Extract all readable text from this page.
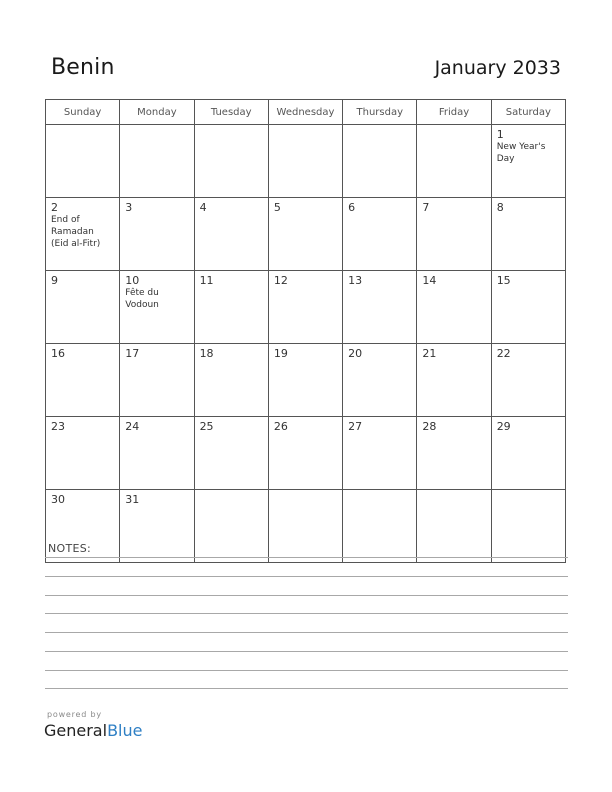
Benin	January 2033
Sunday	Monday	Tuesday	Wednesday	Thursday	Friday	Saturday

						1
New Year's
Day

2
End of
Ramadan
(Eid al-Fitr)	3	4	5	6	7	8

9	10
Fête du
Vodoun	11	12	13	14	15

16	17	18	19	20	21	22

23	24	25	26	27	28	29

30	31					

NOTES:
powered by
GeneralBlue
